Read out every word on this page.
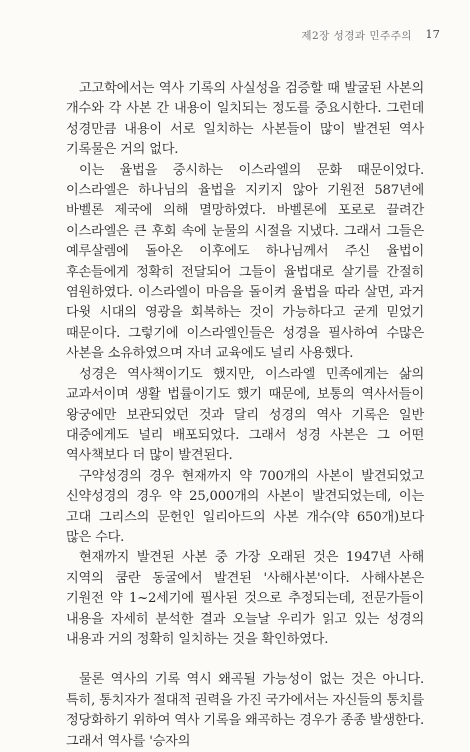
제2장 성경과 민주주의 17

고고학에서는 역사 기록의 사실성을 검증할 때 발굴된 사본의 개수와 각 사본 간 내용이 일치되는 정도를 중요시한다. 그런데 성경만큼 내용이 서로 일치하는 사본들이 많이 발견된 역사 기록물은 거의 없다.

이는 율법을 중시하는 이스라엘의 문화 때문이었다. 이스라엘은 하나님의 율법을 지키지 않아 기원전 587년에 바벨론 제국에 의해 멸망하였다. 바벨론에 포로로 끌려간 이스라엘은 큰 후회 속에 눈물의 시절을 지냈다. 그래서 그들은 예루살렘에 돌아온 이후에도 하나님께서 주신 율법이 후손들에게 정확히 전달되어 그들이 율법대로 살기를 간절히 염원하였다. 이스라엘이 마음을 돌이켜 율법을 따라 살면, 과거 다윗 시대의 영광을 회복하는 것이 가능하다고 굳게 믿었기 때문이다. 그렇기에 이스라엘인들은 성경을 필사하여 수많은 사본을 소유하였으며 자녀 교육에도 널리 사용했다.

성경은 역사책이기도 했지만, 이스라엘 민족에게는 삶의 교과서이며 생활 법률이기도 했기 때문에, 보통의 역사서들이 왕궁에만 보관되었던 것과 달리 성경의 역사 기록은 일반 대중에게도 널리 배포되었다. 그래서 성경 사본은 그 어떤 역사책보다 더 많이 발견된다.

구약성경의 경우 현재까지 약 700개의 사본이 발견되었고 신약성경의 경우 약 25,000개의 사본이 발견되었는데, 이는 고대 그리스의 문헌인 일리아드의 사본 개수(약 650개)보다 많은 수다.

현재까지 발견된 사본 중 가장 오래된 것은 1947년 사해 지역의 쿰란 동굴에서 발견된 '사해사본'이다. 사해사본은 기원전 약 1~2세기에 필사된 것으로 추정되는데, 전문가들이 내용을 자세히 분석한 결과 오늘날 우리가 읽고 있는 성경의 내용과 거의 정확히 일치하는 것을 확인하였다.

물론 역사의 기록 역시 왜곡될 가능성이 없는 것은 아니다. 특히, 통치자가 절대적 권력을 가진 국가에서는 자신들의 통치를 정당화하기 위하여 역사 기록을 왜곡하는 경우가 종종 발생한다. 그래서 역사를 '승자의
